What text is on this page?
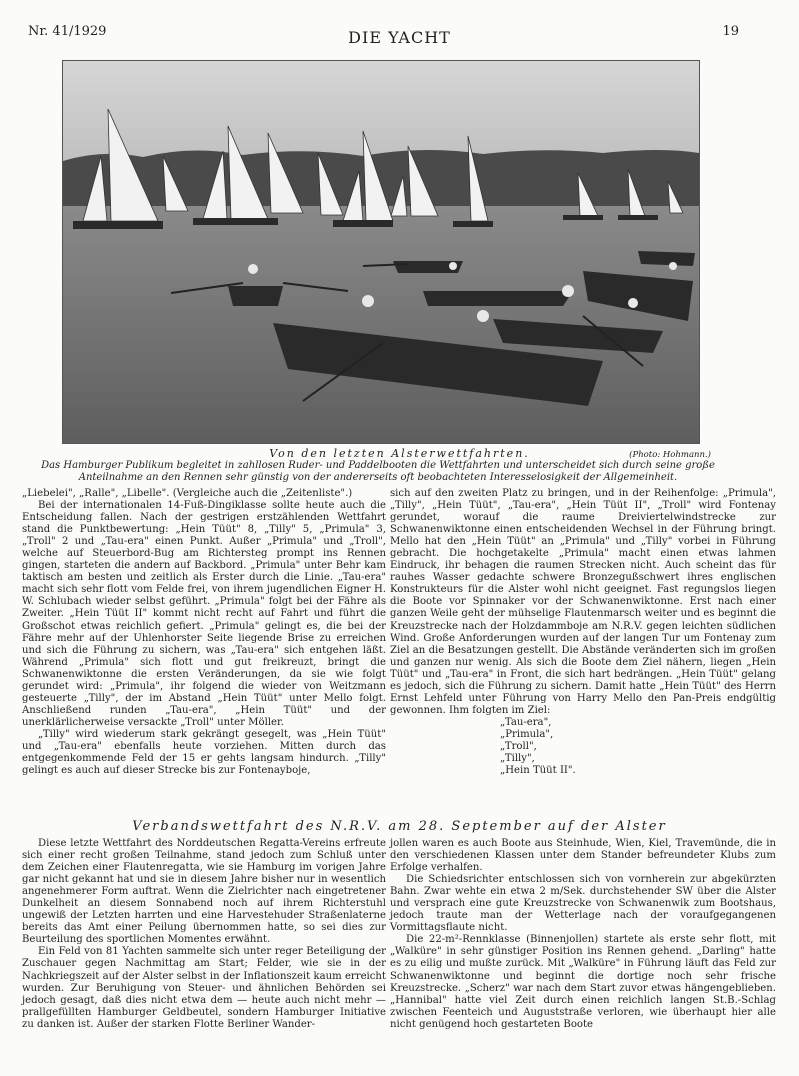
Nr. 41/1929	DIE YACHT	19
Von den letzten Alsterwettfahrten.	(Photo: Hohmann.)
Das Hamburger Publikum begleitet in zahllosen Ruder- und Paddelbooten die Wettfahrten und unterscheidet sich durch seine große Anteilnahme an den Rennen sehr günstig von der andererseits oft beobachteten Interesselosigkeit der Allgemeinheit.

„Liebelei", „Ralle", „Libelle". (Vergleiche auch die „Zeitenliste".)

Bei der internationalen 14-Fuß-Dingiklasse sollte heute auch die Entscheidung fallen. Nach der gestrigen erstzählenden Wettfahrt stand die Punktbewertung: „Hein Tüüt" 8, „Tilly" 5, „Primula" 3, „Troll" 2 und „Tau-era" einen Punkt. Außer „Primula" und „Troll", welche auf Steuerbord-Bug am Richtersteg prompt ins Rennen gingen, starteten die andern auf Backbord. „Primula" unter Behr kam taktisch am besten und zeitlich als Erster durch die Linie. „Tau-era" macht sich sehr flott vom Felde frei, von ihrem jugendlichen Eigner H. W. Schlubach wieder selbst geführt. „Primula" folgt bei der Fähre als Zweiter. „Hein Tüüt II" kommt nicht recht auf Fahrt und führt die Großschot etwas reichlich gefiert. „Primula" gelingt es, die bei der Fähre mehr auf der Uhlenhorster Seite liegende Brise zu erreichen und sich die Führung zu sichern, was „Tau-era" sich entgehen läßt. Während „Primula" sich flott und gut freikreuzt, bringt die Schwanenwiktonne die ersten Veränderungen, da sie wie folgt gerundet wird: „Primula", ihr folgend die wieder von Weitzmann gesteuerte „Tilly", der im Abstand „Hein Tüüt" unter Mello folgt. Anschließend runden „Tau-era", „Hein Tüüt" und der unerklärlicherweise versackte „Troll" unter Möller.

„Tilly" wird wiederum stark gekrängt gesegelt, was „Hein Tüüt" und „Tau-era" ebenfalls heute vorziehen. Mitten durch das entgegenkommende Feld der 15 er gehts langsam hindurch. „Tilly" gelingt es auch auf dieser Strecke bis zur Fontenayboje,

sich auf den zweiten Platz zu bringen, und in der Reihenfolge: „Primula", „Tilly", „Hein Tüüt", „Tau-era", „Hein Tüüt II", „Troll" wird Fontenay gerundet, worauf die raume Dreiviertelwindstrecke zur Schwanenwiktonne einen entscheidenden Wechsel in der Führung bringt. Mello hat den „Hein Tüüt" an „Primula" und „Tilly" vorbei in Führung gebracht. Die hochgetakelte „Primula" macht einen etwas lahmen Eindruck, ihr behagen die raumen Strecken nicht. Auch scheint das für rauhes Wasser gedachte schwere Bronzegußschwert ihres englischen Konstrukteurs für die Alster wohl nicht geeignet. Fast regungslos liegen die Boote vor Spinnaker vor der Schwanenwiktonne. Erst nach einer ganzen Weile geht der mühselige Flautenmarsch weiter und es beginnt die Kreuzstrecke nach der Holzdammboje am N.R.V. gegen leichten südlichen Wind. Große Anforderungen wurden auf der langen Tur um Fontenay zum Ziel an die Besatzungen gestellt. Die Abstände veränderten sich im großen und ganzen nur wenig. Als sich die Boote dem Ziel nähern, liegen „Hein Tüüt" und „Tau-era" in Front, die sich hart bedrängen. „Hein Tüüt" gelang es jedoch, sich die Führung zu sichern. Damit hatte „Hein Tüüt" des Herrn Ernst Lehfeld unter Führung von Harry Mello den Pan-Preis endgültig gewonnen. Ihm folgten im Ziel:

„Tau-era",

„Primula",

„Troll",

„Tilly",

„Hein Tüüt II".

Verbandswettfahrt des N.R.V. am 28. September auf der Alster

Diese letzte Wettfahrt des Norddeutschen Regatta-Vereins erfreute sich einer recht großen Teilnahme, stand jedoch zum Schluß unter dem Zeichen einer Flautenregatta, wie sie Hamburg im vorigen Jahre gar nicht gekannt hat und sie in diesem Jahre bisher nur in wesentlich angenehmerer Form auftrat. Wenn die Zielrichter nach eingetretener Dunkelheit an diesem Sonnabend noch auf ihrem Richterstuhl ungewiß der Letzten harrten und eine Harvestehuder Straßenlaterne bereits das Amt einer Peilung übernommen hatte, so sei dies zur Beurteilung des sportlichen Momentes erwähnt.

Ein Feld von 81 Yachten sammelte sich unter reger Beteiligung der Zuschauer gegen Nachmittag am Start; Felder, wie sie in der Nachkriegszeit auf der Alster selbst in der Inflationszeit kaum erreicht wurden. Zur Beruhigung von Steuer- und ähnlichen Behörden sei jedoch gesagt, daß dies nicht etwa dem — heute auch nicht mehr — prallgefüllten Hamburger Geldbeutel, sondern Hamburger Initiative zu danken ist. Außer der starken Flotte Berliner Wander-

jollen waren es auch Boote aus Steinhude, Wien, Kiel, Travemünde, die in den verschiedenen Klassen unter dem Stander befreundeter Klubs zum Erfolge verhalfen.

Die Schiedsrichter entschlossen sich von vornherein zur abgekürzten Bahn. Zwar wehte ein etwa 2 m/Sek. durchstehender SW über die Alster und versprach eine gute Kreuzstrecke von Schwanenwik zum Bootshaus, jedoch traute man der Wetterlage nach der voraufgegangenen Vormittagsflaute nicht.

Die 22-m²-Rennklasse (Binnenjollen) startete als erste sehr flott, mit „Walküre" in sehr günstiger Position ins Rennen gehend. „Darling" hatte es zu eilig und mußte zurück. Mit „Walküre" in Führung läuft das Feld zur Schwanenwiktonne und beginnt die dortige noch sehr frische Kreuzstrecke. „Scherz" war nach dem Start zuvor etwas hängengeblieben. „Hannibal" hatte viel Zeit durch einen reichlich langen St.B.-Schlag zwischen Feenteich und Auguststraße verloren, wie überhaupt hier alle nicht genügend hoch gestarteten Boote
